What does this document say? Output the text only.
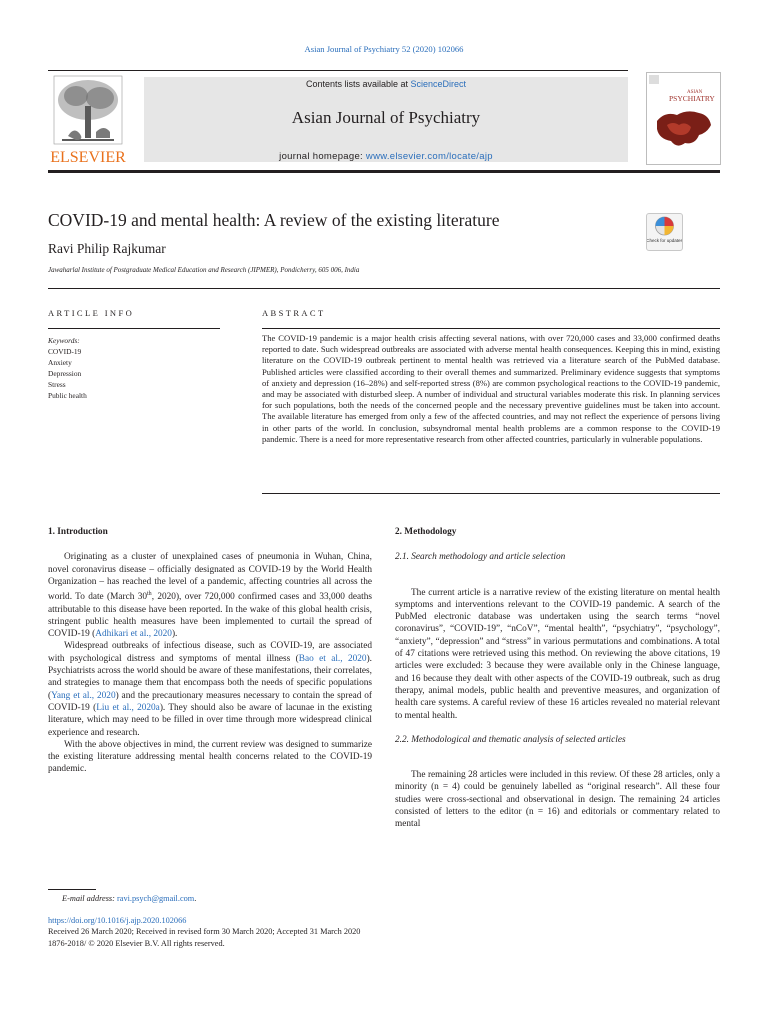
Asian Journal of Psychiatry 52 (2020) 102066
ELSEVIER
Contents lists available at ScienceDirect
Asian Journal of Psychiatry
journal homepage: www.elsevier.com/locate/ajp
ASIAN
PSYCHIATRY
COVID-19 and mental health: A review of the existing literature
Check for updates
Ravi Philip Rajkumar
Jawaharlal Institute of Postgraduate Medical Education and Research (JIPMER), Pondicherry, 605 006, India
ARTICLE INFO	ABSTRACT
Keywords:
COVID-19
Anxiety
Depression
Stress
Public health
The COVID-19 pandemic is a major health crisis affecting several nations, with over 720,000 cases and 33,000 confirmed deaths reported to date. Such widespread outbreaks are associated with adverse mental health consequences. Keeping this in mind, existing literature on the COVID-19 outbreak pertinent to mental health was retrieved via a literature search of the PubMed database. Published articles were classified according to their overall themes and summarized. Preliminary evidence suggests that symptoms of anxiety and depression (16–28%) and self-reported stress (8%) are common psychological reactions to the COVID-19 pandemic, and may be associated with disturbed sleep. A number of individual and structural variables moderate this risk. In planning services for such populations, both the needs of the concerned people and the necessary preventive guidelines must be taken into account. The available literature has emerged from only a few of the affected countries, and may not reflect the experience of persons living in other parts of the world. In conclusion, subsyndromal mental health problems are a common response to the COVID-19 pandemic. There is a need for more representative research from other affected countries, particularly in vulnerable populations.
1. Introduction

Originating as a cluster of unexplained cases of pneumonia in Wuhan, China, novel coronavirus disease – officially designated as COVID-19 by the World Health Organization – has reached the level of a pandemic, affecting countries all across the world. To date (March 30th, 2020), over 720,000 confirmed cases and 33,000 deaths attributable to this disease have been reported. In the wake of this global health crisis, stringent public health measures have been implemented to curtail the spread of COVID-19 (Adhikari et al., 2020).

Widespread outbreaks of infectious disease, such as COVID-19, are associated with psychological distress and symptoms of mental illness (Bao et al., 2020). Psychiatrists across the world should be aware of these manifestations, their correlates, and strategies to manage them that encompass both the needs of specific populations (Yang et al., 2020) and the precautionary measures necessary to contain the spread of COVID-19 (Liu et al., 2020a). They should also be aware of lacunae in the existing literature, which may need to be filled in over time through more widespread clinical experience and research.

With the above objectives in mind, the current review was designed to summarize the existing literature addressing mental health concerns related to the COVID-19 pandemic.

2. Methodology
2.1. Search methodology and article selection

The current article is a narrative review of the existing literature on mental health symptoms and interventions relevant to the COVID-19 pandemic. A search of the PubMed electronic database was undertaken using the search terms “novel coronavirus”, “COVID-19”, “nCoV”, “mental health”, “psychiatry”, “psychology”, “anxiety”, “depression” and “stress” in various permutations and combinations. A total of 47 citations were retrieved using this method. On reviewing the above citations, 19 articles were excluded: 3 because they were available only in the Chinese language, and 16 because they dealt with other aspects of the COVID-19 outbreak, such as drug therapy, animal models, public health and preventive measures, and organization of health care systems. A careful review of these 16 articles revealed no material relevant to mental health.

2.2. Methodological and thematic analysis of selected articles

The remaining 28 articles were included in this review. Of these 28 articles, only a minority (n = 4) could be genuinely labelled as “original research”. All these four studies were cross-sectional and observational in design. The remaining 24 articles consisted of letters to the editor (n = 16) and editorials or commentary related to mental

E-mail address: ravi.psych@gmail.com.
https://doi.org/10.1016/j.ajp.2020.102066
Received 26 March 2020; Received in revised form 30 March 2020; Accepted 31 March 2020
1876-2018/ © 2020 Elsevier B.V. All rights reserved.
